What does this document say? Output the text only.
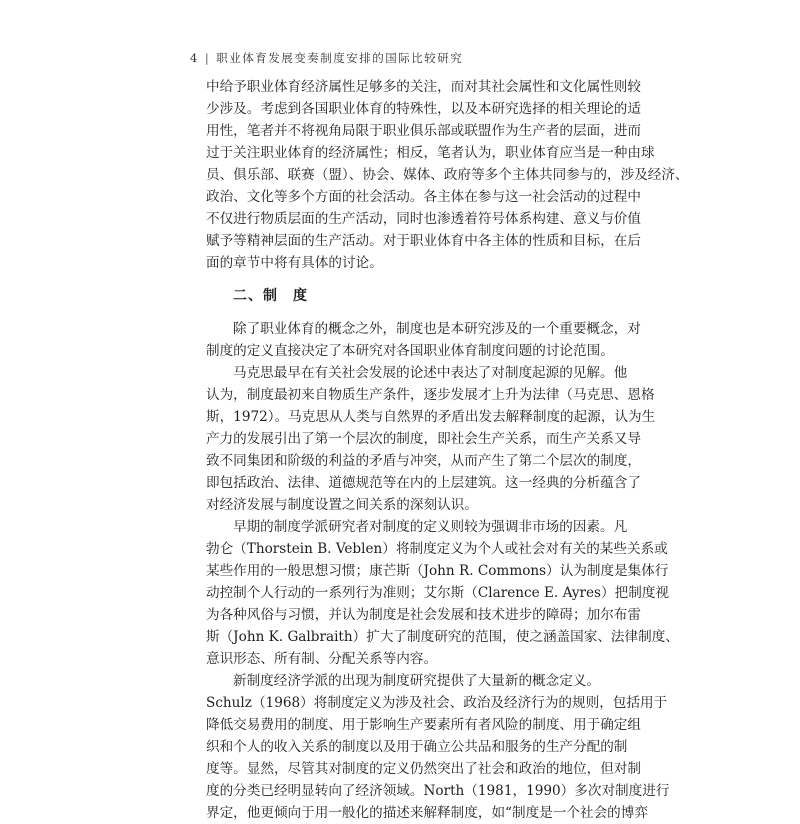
4 | 职业体育发展变奏制度安排的国际比较研究
中给予职业体育经济属性足够多的关注，而对其社会属性和文化属性则较
少涉及。考虑到各国职业体育的特殊性，以及本研究选择的相关理论的适
用性，笔者并不将视角局限于职业俱乐部或联盟作为生产者的层面，进而
过于关注职业体育的经济属性；相反，笔者认为，职业体育应当是一种由球
员、俱乐部、联赛（盟）、协会、媒体、政府等多个主体共同参与的，涉及经济、
政治、文化等多个方面的社会活动。各主体在参与这一社会活动的过程中
不仅进行物质层面的生产活动，同时也渗透着符号体系构建、意义与价值
赋予等精神层面的生产活动。对于职业体育中各主体的性质和目标，在后
面的章节中将有具体的讨论。
二、制　度
除了职业体育的概念之外，制度也是本研究涉及的一个重要概念，对
制度的定义直接决定了本研究对各国职业体育制度问题的讨论范围。
马克思最早在有关社会发展的论述中表达了对制度起源的见解。他
认为，制度最初来自物质生产条件，逐步发展才上升为法律（马克思、恩格
斯，1972）。马克思从人类与自然界的矛盾出发去解释制度的起源，认为生
产力的发展引出了第一个层次的制度，即社会生产关系，而生产关系又导
致不同集团和阶级的利益的矛盾与冲突，从而产生了第二个层次的制度，
即包括政治、法律、道德规范等在内的上层建筑。这一经典的分析蕴含了
对经济发展与制度设置之间关系的深刻认识。
早期的制度学派研究者对制度的定义则较为强调非市场的因素。凡
勃仑（Thorstein B. Veblen）将制度定义为个人或社会对有关的某些关系或
某些作用的一般思想习惯；康芒斯（John R. Commons）认为制度是集体行
动控制个人行动的一系列行为准则；艾尔斯（Clarence E. Ayres）把制度视
为各种风俗与习惯，并认为制度是社会发展和技术进步的障碍；加尔布雷
斯（John K. Galbraith）扩大了制度研究的范围，使之涵盖国家、法律制度、
意识形态、所有制、分配关系等内容。
新制度经济学派的出现为制度研究提供了大量新的概念定义。
Schulz（1968）将制度定义为涉及社会、政治及经济行为的规则，包括用于
降低交易费用的制度、用于影响生产要素所有者风险的制度、用于确定组
织和个人的收入关系的制度以及用于确立公共品和服务的生产分配的制
度等。显然，尽管其对制度的定义仍然突出了社会和政治的地位，但对制
度的分类已经明显转向了经济领域。North（1981，1990）多次对制度进行
界定，他更倾向于用一般化的描述来解释制度，如“制度是一个社会的博弈
